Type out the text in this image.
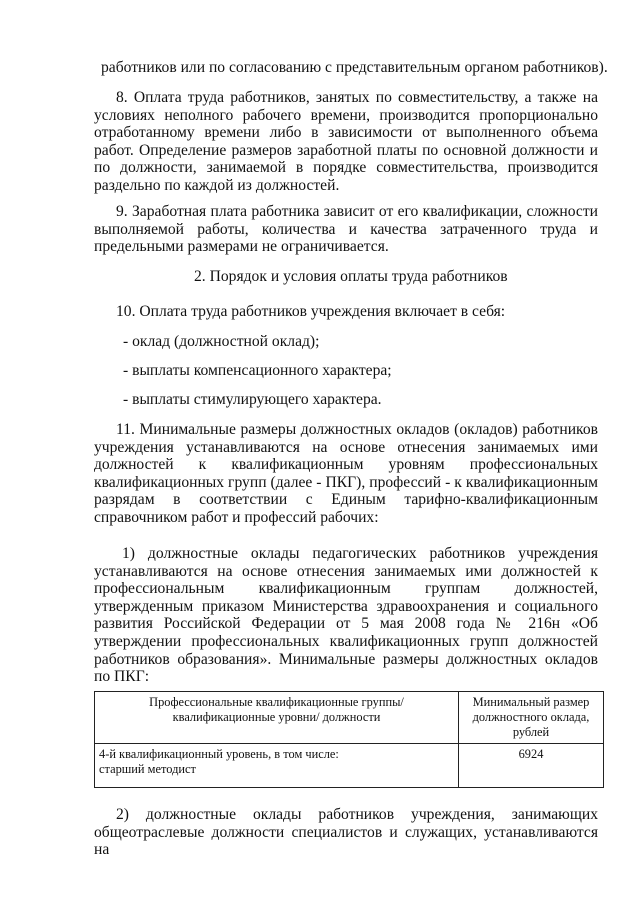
работников или по согласованию с представительным органом работников).

8. Оплата труда работников, занятых по совместительству, а также на условиях неполного рабочего времени, производится пропорционально отработанному времени либо в зависимости от выполненного объема работ. Определение размеров заработной платы по основной должности и по должности, занимаемой в порядке совместительства, производится раздельно по каждой из должностей.

9. Заработная плата работника зависит от его квалификации, сложности выполняемой работы, количества и качества затраченного труда и предельными размерами не ограничивается.

2. Порядок и условия оплаты труда работников
10. Оплата труда работников учреждения включает в себя:
- оклад (должностной оклад);
- выплаты компенсационного характера;
- выплаты стимулирующего характера.

11. Минимальные размеры должностных окладов (окладов) работников учреждения устанавливаются на основе отнесения занимаемых ими должностей к квалификационным уровням профессиональных квалификационных групп (далее - ПКГ), профессий - к квалификационным разрядам в соответствии с Единым тарифно-квалификационным справочником работ и профессий рабочих:

1) должностные оклады педагогических работников учреждения устанавливаются на основе отнесения занимаемых ими должностей к профессиональным квалификационным группам должностей, утвержденным приказом Министерства здравоохранения и социального развития Российской Федерации от 5 мая 2008 года № 216н «Об утверждении профессиональных квалификационных групп должностей работников образования». Минимальные размеры должностных окладов по ПКГ:

Профессиональные квалификационные группы/ квалификационные уровни/ должности	Минимальный размер должностного оклада, рублей

4-й квалификационный уровень, в том числе:
старший методист	6924

2) должностные оклады работников учреждения, занимающих общеотраслевые должности специалистов и служащих, устанавливаются на
